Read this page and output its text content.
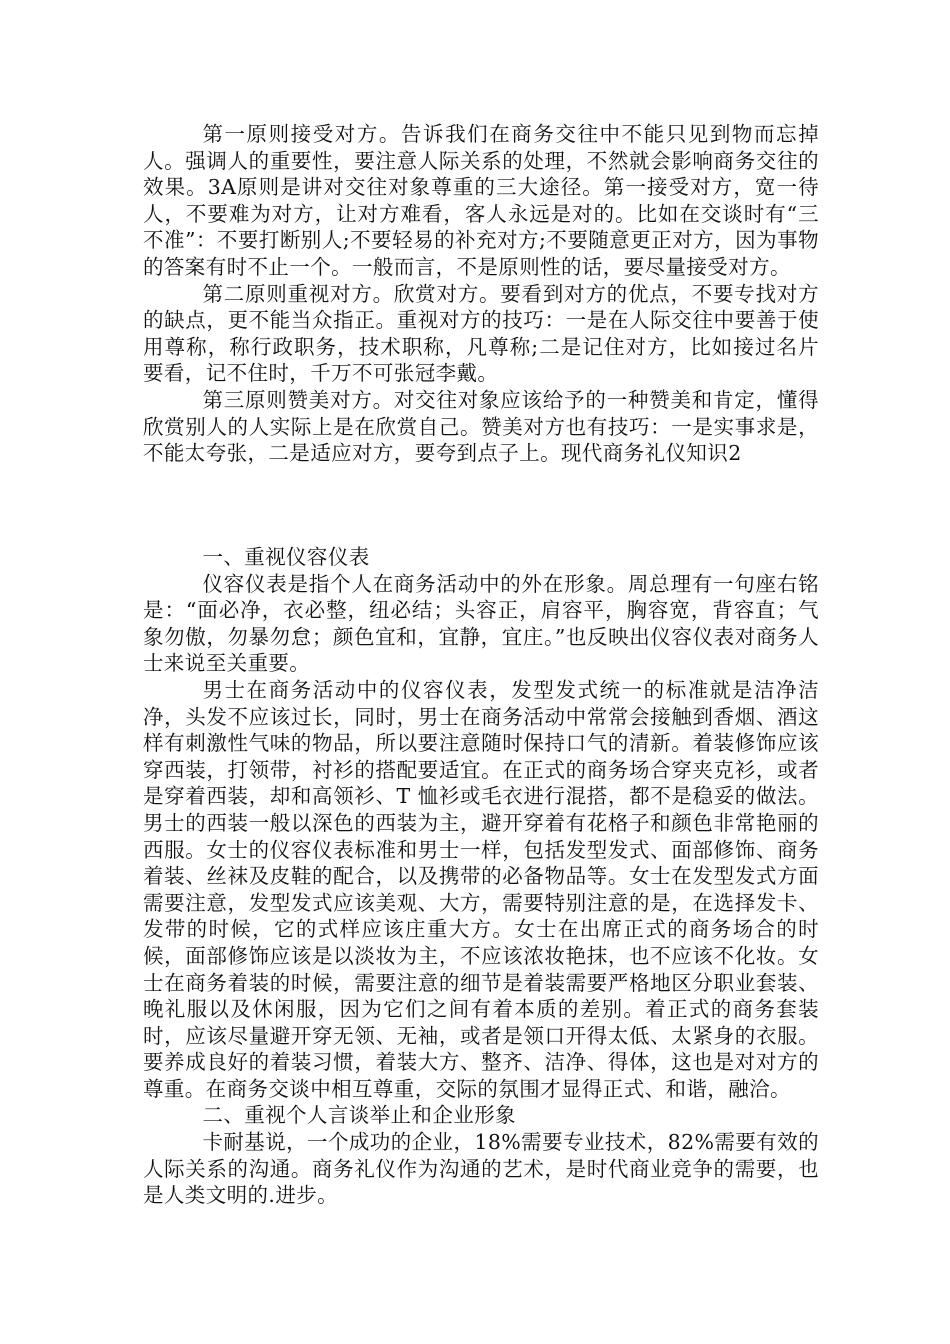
第一原则接受对方。告诉我们在商务交往中不能只见到物而忘掉人。强调人的重要性，要注意人际关系的处理，不然就会影响商务交往的效果。3A原则是讲对交往对象尊重的三大途径。第一接受对方，宽一待人，不要难为对方，让对方难看，客人永远是对的。比如在交谈时有“三不准”：不要打断别人;不要轻易的补充对方;不要随意更正对方，因为事物的答案有时不止一个。一般而言，不是原则性的话，要尽量接受对方。

第二原则重视对方。欣赏对方。要看到对方的优点，不要专找对方的缺点，更不能当众指正。重视对方的技巧：一是在人际交往中要善于使用尊称，称行政职务，技术职称，凡尊称;二是记住对方，比如接过名片要看，记不住时，千万不可张冠李戴。

第三原则赞美对方。对交往对象应该给予的一种赞美和肯定，懂得欣赏别人的人实际上是在欣赏自己。赞美对方也有技巧：一是实事求是，不能太夸张，二是适应对方，要夸到点子上。现代商务礼仪知识2

一、重视仪容仪表

仪容仪表是指个人在商务活动中的外在形象。周总理有一句座右铭是：“面必净，衣必整，纽必结；头容正，肩容平，胸容宽，背容直；气象勿傲，勿暴勿怠；颜色宜和，宜静，宜庄。”也反映出仪容仪表对商务人士来说至关重要。

男士在商务活动中的仪容仪表，发型发式统一的标准就是洁净洁净，头发不应该过长，同时，男士在商务活动中常常会接触到香烟、酒这样有刺激性气味的物品，所以要注意随时保持口气的清新。着装修饰应该穿西装，打领带，衬衫的搭配要适宜。在正式的商务场合穿夹克衫，或者是穿着西装，却和高领衫、T 恤衫或毛衣进行混搭，都不是稳妥的做法。男士的西装一般以深色的西装为主，避开穿着有花格子和颜色非常艳丽的西服。女士的仪容仪表标准和男士一样，包括发型发式、面部修饰、商务着装、丝袜及皮鞋的配合，以及携带的必备物品等。女士在发型发式方面需要注意，发型发式应该美观、大方，需要特别注意的是，在选择发卡、发带的时候，它的式样应该庄重大方。女士在出席正式的商务场合的时候，面部修饰应该是以淡妆为主，不应该浓妆艳抹，也不应该不化妆。女士在商务着装的时候，需要注意的细节是着装需要严格地区分职业套装、晚礼服以及休闲服，因为它们之间有着本质的差别。着正式的商务套装时，应该尽量避开穿无领、无袖，或者是领口开得太低、太紧身的衣服。要养成良好的着装习惯，着装大方、整齐、洁净、得体，这也是对对方的尊重。在商务交谈中相互尊重，交际的氛围才显得正式、和谐，融洽。

二、重视个人言谈举止和企业形象

卡耐基说，一个成功的企业，18%需要专业技术，82%需要有效的人际关系的沟通。商务礼仪作为沟通的艺术，是时代商业竞争的需要，也是人类文明的.进步。
